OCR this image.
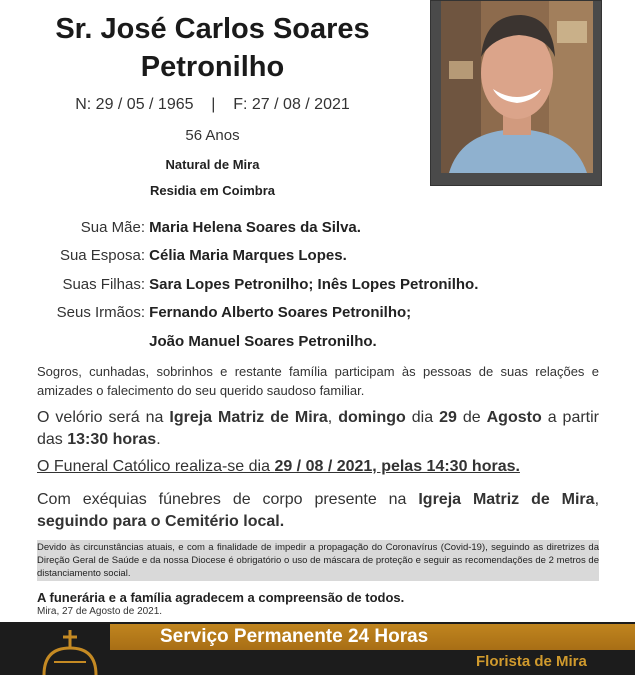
Sr. José Carlos Soares
Petronilho
N: 29 / 05 / 1965    |    F: 27 / 08 / 2021
56 Anos
Natural de Mira
Residia em Coimbra
Sua Mãe: Maria Helena Soares da Silva.
Sua Esposa: Célia Maria Marques Lopes.
Suas Filhas: Sara Lopes Petronilho; Inês Lopes Petronilho.
Seus Irmãos: Fernando Alberto Soares Petronilho;
João Manuel Soares Petronilho.
Sogros, cunhadas, sobrinhos e restante família participam às pessoas de suas relações e amizades o falecimento do seu querido saudoso familiar.
O velório será na Igreja Matriz de Mira, domingo dia 29 de Agosto a partir das 13:30 horas.
O Funeral Católico realiza-se dia 29 / 08 / 2021, pelas 14:30 horas.
Com exéquias fúnebres de corpo presente na Igreja Matriz de Mira, seguindo para o Cemitério local.
Devido às circunstâncias atuais, e com a finalidade de impedir a propagação do Coronavírus (Covid-19), seguindo as diretrizes da Direção Geral de Saúde e da nossa Diocese é obrigatório o uso de máscara de proteção e seguir as recomendações de 2 metros de distanciamento social.
A funerária e a família agradecem a compreensão de todos.
Mira, 27 de Agosto de 2021.
Serviço Permanente 24 Horas
Florista de Mira
